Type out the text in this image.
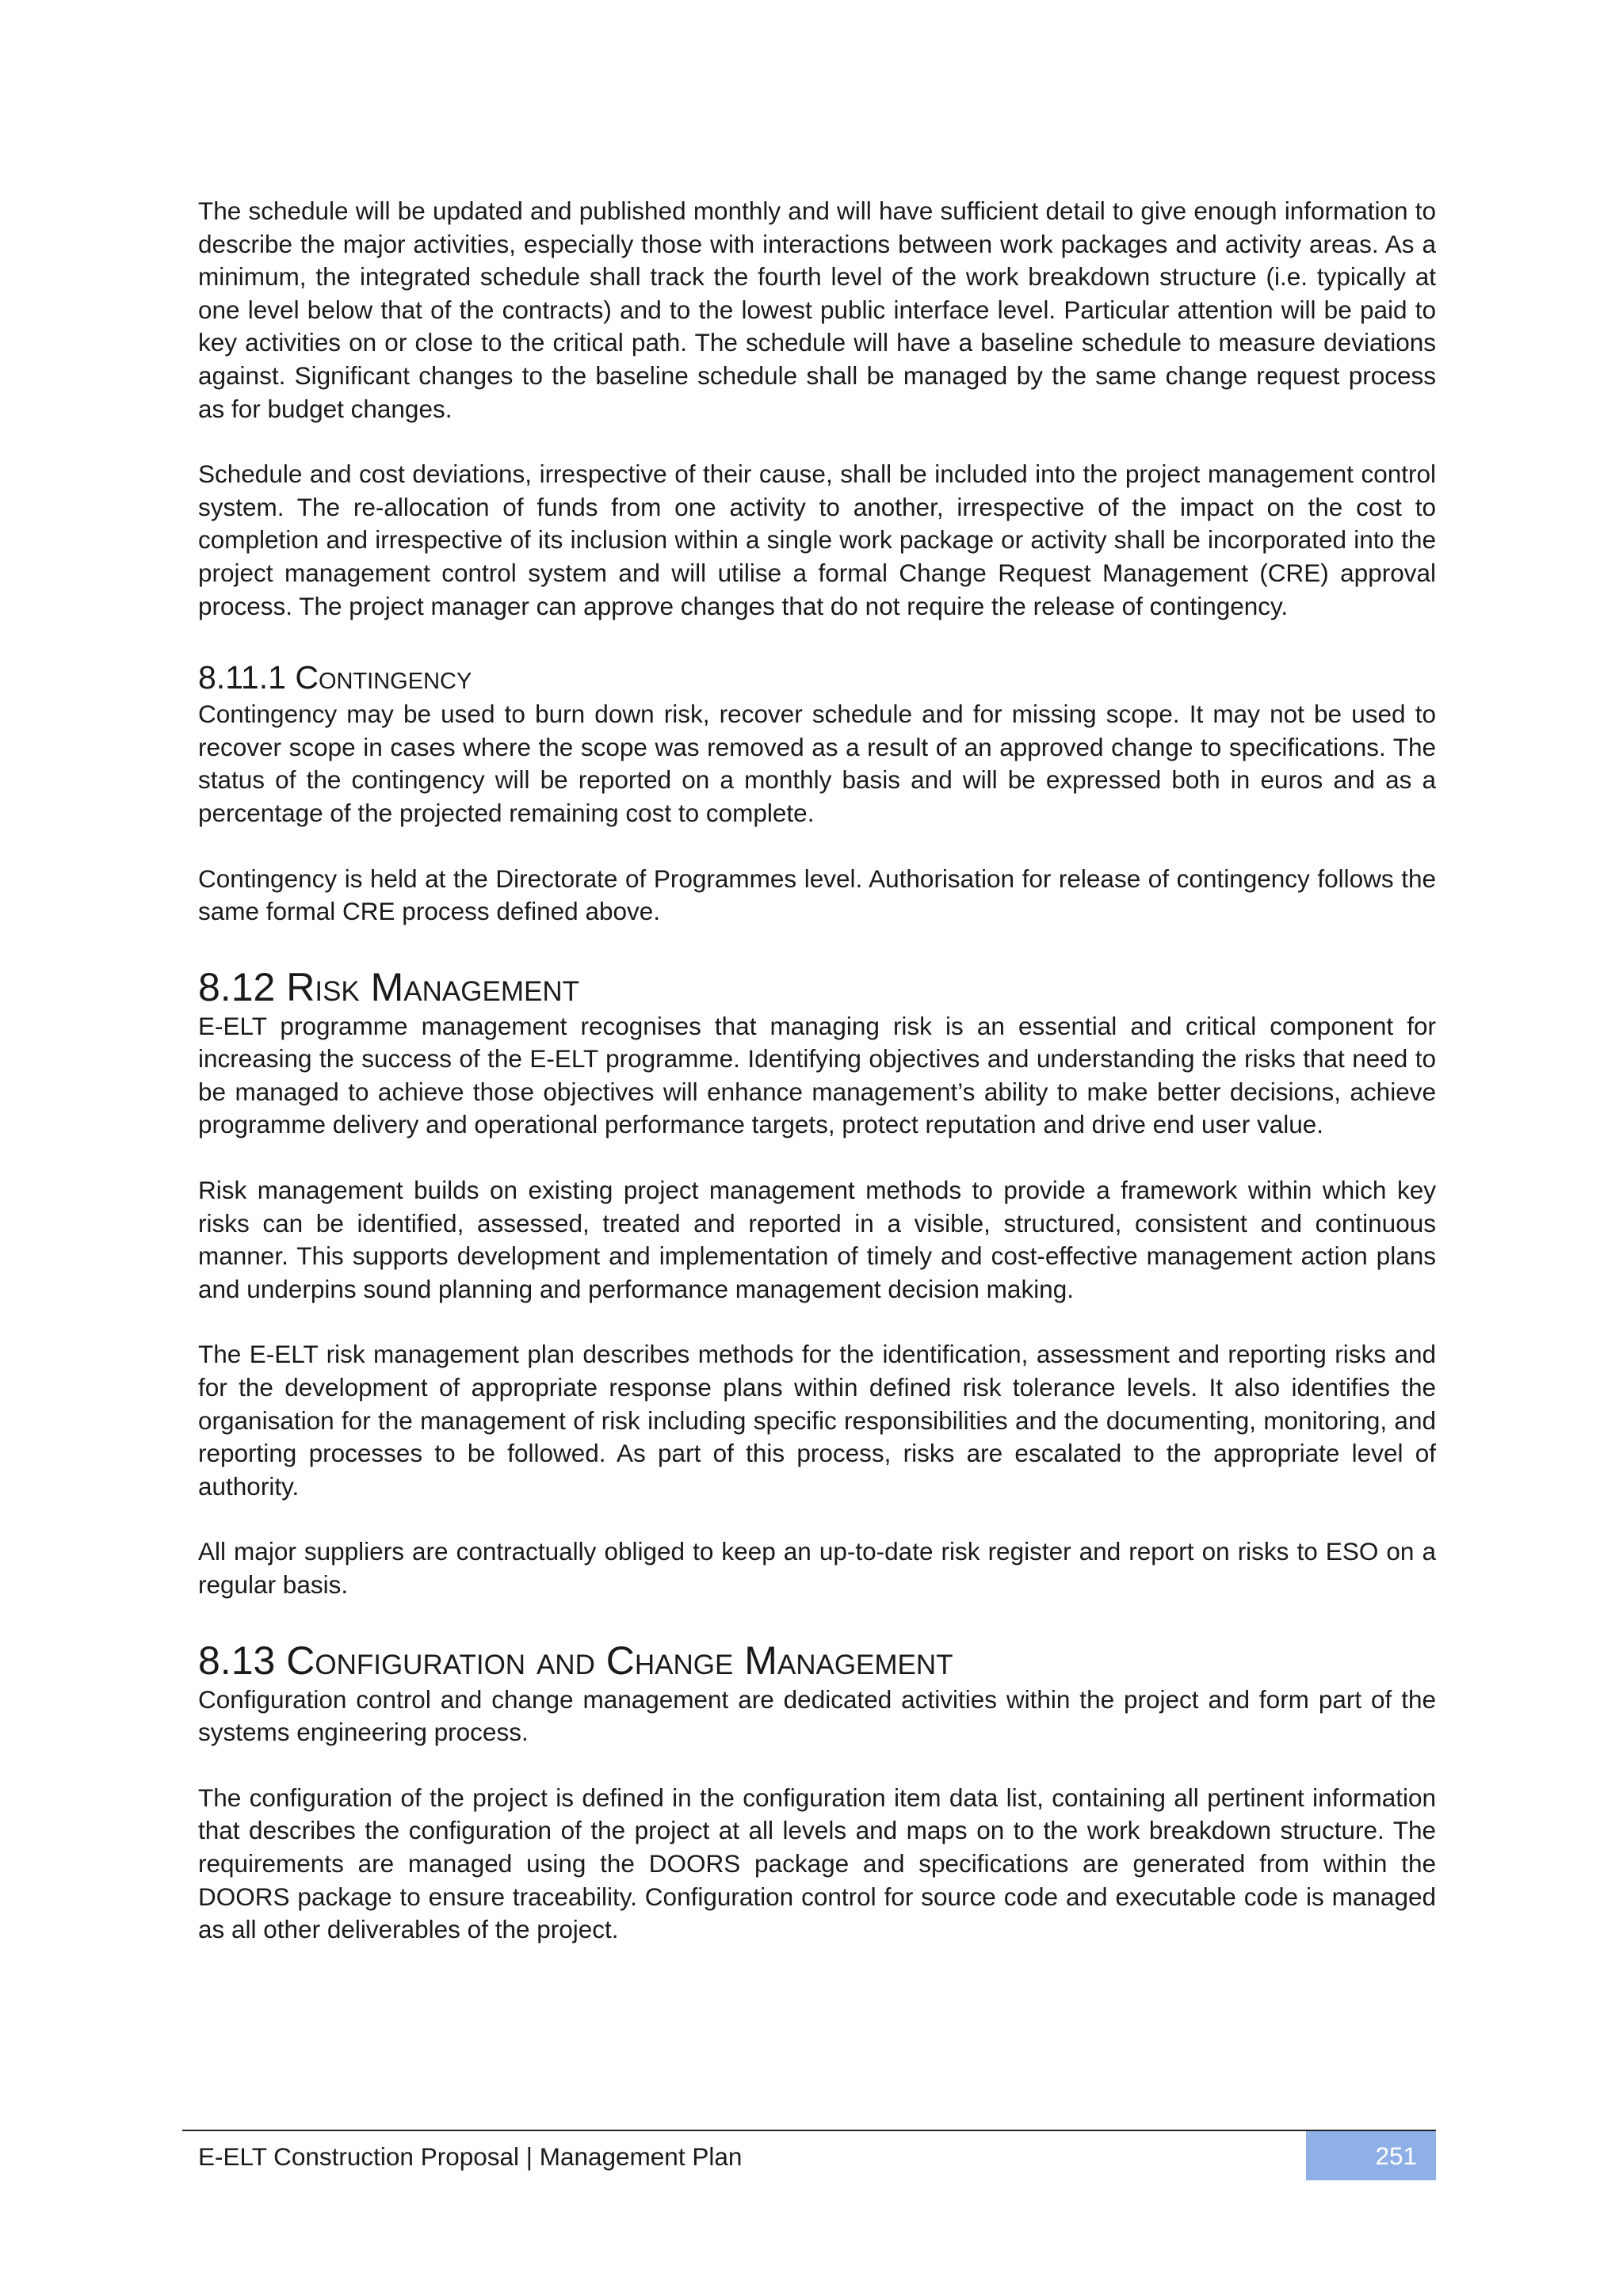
The schedule will be updated and published monthly and will have sufficient detail to give enough information to describe the major activities, especially those with interactions between work packages and activity areas. As a minimum, the integrated schedule shall track the fourth level of the work breakdown structure (i.e. typically at one level below that of the contracts) and to the lowest public interface level. Particular attention will be paid to key activities on or close to the critical path. The schedule will have a baseline schedule to measure deviations against. Significant changes to the baseline schedule shall be managed by the same change request process as for budget changes.

Schedule and cost deviations, irrespective of their cause, shall be included into the project management control system. The re-allocation of funds from one activity to another, irrespective of the impact on the cost to completion and irrespective of its inclusion within a single work package or activity shall be incorporated into the project management control system and will utilise a formal Change Request Management (CRE) approval process. The project manager can approve changes that do not require the release of contingency.

8.11.1 Contingency

Contingency may be used to burn down risk, recover schedule and for missing scope. It may not be used to recover scope in cases where the scope was removed as a result of an approved change to specifications. The status of the contingency will be reported on a monthly basis and will be expressed both in euros and as a percentage of the projected remaining cost to complete.

Contingency is held at the Directorate of Programmes level. Authorisation for release of contingency follows the same formal CRE process defined above.

8.12 Risk Management

E-ELT programme management recognises that managing risk is an essential and critical component for increasing the success of the E-ELT programme. Identifying objectives and understanding the risks that need to be managed to achieve those objectives will enhance management’s ability to make better decisions, achieve programme delivery and operational performance targets, protect reputation and drive end user value.

Risk management builds on existing project management methods to provide a framework within which key risks can be identified, assessed, treated and reported in a visible, structured, consistent and continuous manner. This supports development and implementation of timely and cost-effective management action plans and underpins sound planning and performance management decision making.

The E-ELT risk management plan describes methods for the identification, assessment and reporting risks and for the development of appropriate response plans within defined risk tolerance levels. It also identifies the organisation for the management of risk including specific responsibilities and the documenting, monitoring, and reporting processes to be followed. As part of this process, risks are escalated to the appropriate level of authority.

All major suppliers are contractually obliged to keep an up-to-date risk register and report on risks to ESO on a regular basis.

8.13 Configuration and Change Management

Configuration control and change management are dedicated activities within the project and form part of the systems engineering process.

The configuration of the project is defined in the configuration item data list, containing all pertinent information that describes the configuration of the project at all levels and maps on to the work breakdown structure. The requirements are managed using the DOORS package and specifications are generated from within the DOORS package to ensure traceability. Configuration control for source code and executable code is managed as all other deliverables of the project.

E-ELT Construction Proposal | Management Plan	251
